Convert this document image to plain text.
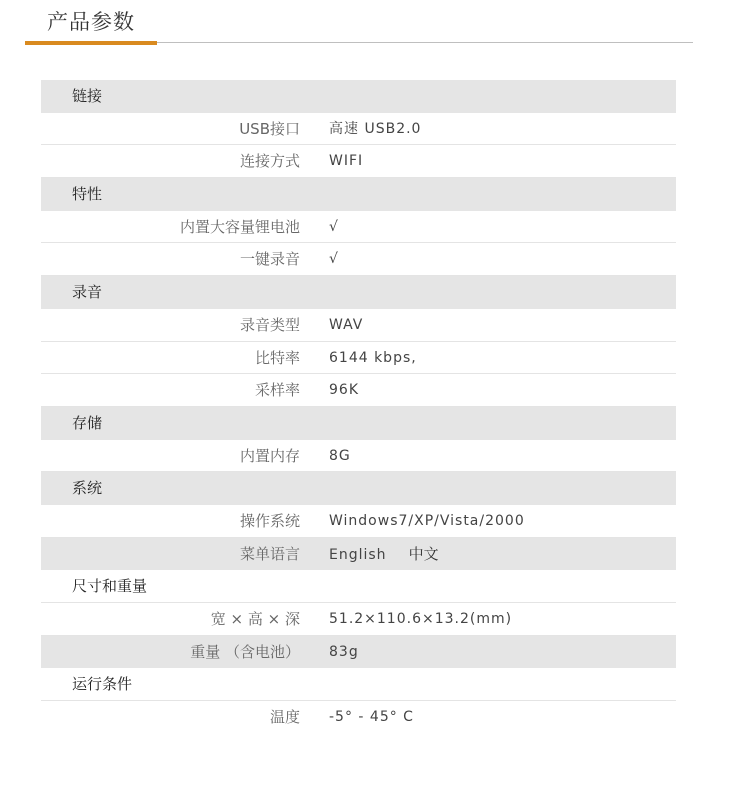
产品参数
链接
USB接口 高速 USB2.0
连接方式 WIFI
特性
内置大容量锂电池 √
一键录音 √
录音
录音类型 WAV
比特率 6144 kbps,
采样率 96K
存储
内置内存 8G
系统
操作系统 Windows7/XP/Vista/2000
菜单语言 English 中文
尺寸和重量
宽 × 高 × 深 51.2×110.6×13.2(mm)
重量 （含电池） 83g
运行条件
温度 -5° - 45° C
